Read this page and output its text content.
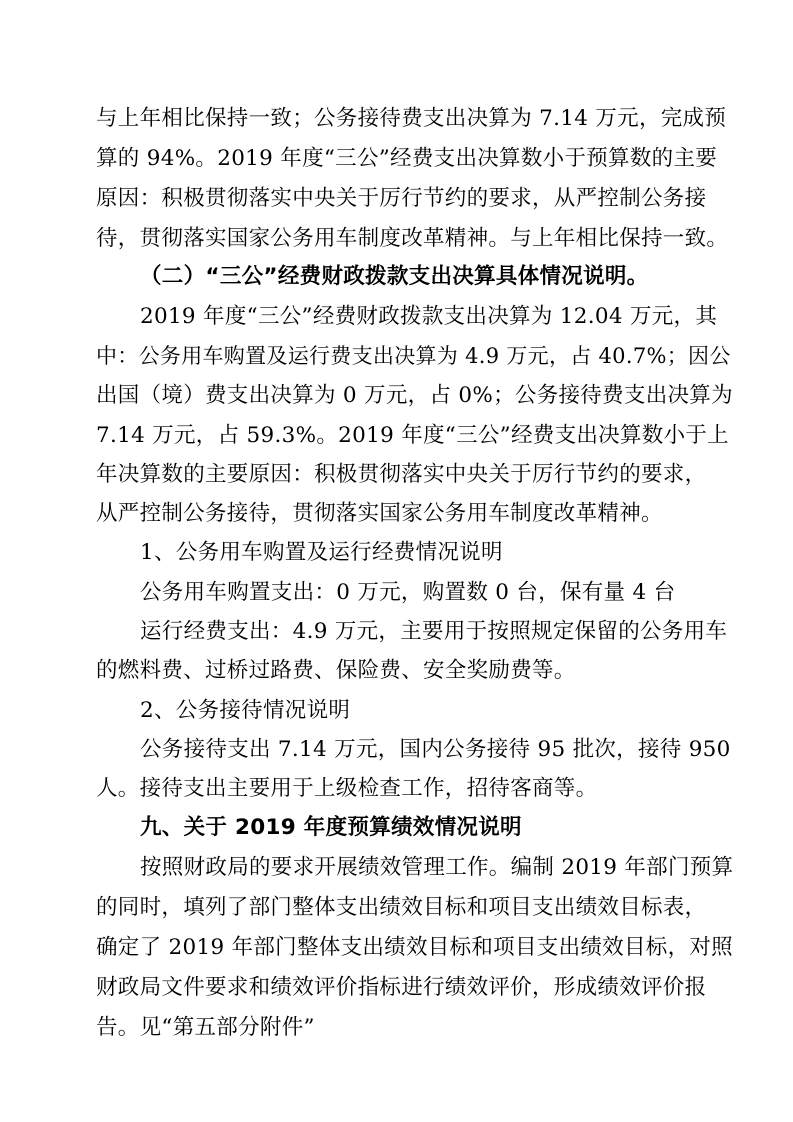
与上年相比保持一致；公务接待费支出决算为 7.14 万元，完成预
算的 94%。2019 年度“三公”经费支出决算数小于预算数的主要
原因：积极贯彻落实中央关于厉行节约的要求，从严控制公务接
待，贯彻落实国家公务用车制度改革精神。与上年相比保持一致。
（二）“三公”经费财政拨款支出决算具体情况说明。
2019 年度“三公”经费财政拨款支出决算为 12.04 万元，其
中：公务用车购置及运行费支出决算为 4.9 万元，占 40.7%；因公
出国（境）费支出决算为 0 万元，占 0%；公务接待费支出决算为
7.14 万元，占 59.3%。2019 年度“三公”经费支出决算数小于上
年决算数的主要原因：积极贯彻落实中央关于厉行节约的要求，
从严控制公务接待，贯彻落实国家公务用车制度改革精神。
1、公务用车购置及运行经费情况说明
公务用车购置支出：0 万元，购置数 0 台，保有量 4 台
运行经费支出：4.9 万元，主要用于按照规定保留的公务用车
的燃料费、过桥过路费、保险费、安全奖励费等。
2、公务接待情况说明
公务接待支出 7.14 万元，国内公务接待 95 批次，接待 950
人。接待支出主要用于上级检查工作，招待客商等。
九、关于 2019 年度预算绩效情况说明
按照财政局的要求开展绩效管理工作。编制 2019 年部门预算
的同时，填列了部门整体支出绩效目标和项目支出绩效目标表，
确定了 2019 年部门整体支出绩效目标和项目支出绩效目标，对照
财政局文件要求和绩效评价指标进行绩效评价，形成绩效评价报
告。见“第五部分附件”
